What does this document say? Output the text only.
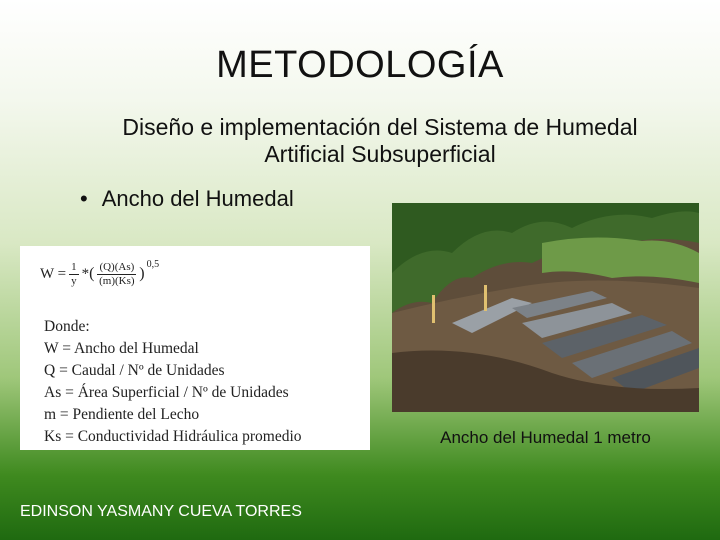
METODOLOGÍA
Diseño e implementación del Sistema de Humedal
Artificial Subsuperficial
• Ancho del Humedal
$W = \frac{1}{y}$ * ( $\frac{(Q)(As)}{(m)(Ks)}$ )
0,5
Donde:
W = Ancho del Humedal
Q = Caudal / Nº de Unidades
As = Área Superficial / Nº de Unidades
m = Pendiente del Lecho
Ks = Conductividad Hidráulica promedio	Ancho del Humedal 1 metro
EDINSON YASMANY CUEVA TORRES
